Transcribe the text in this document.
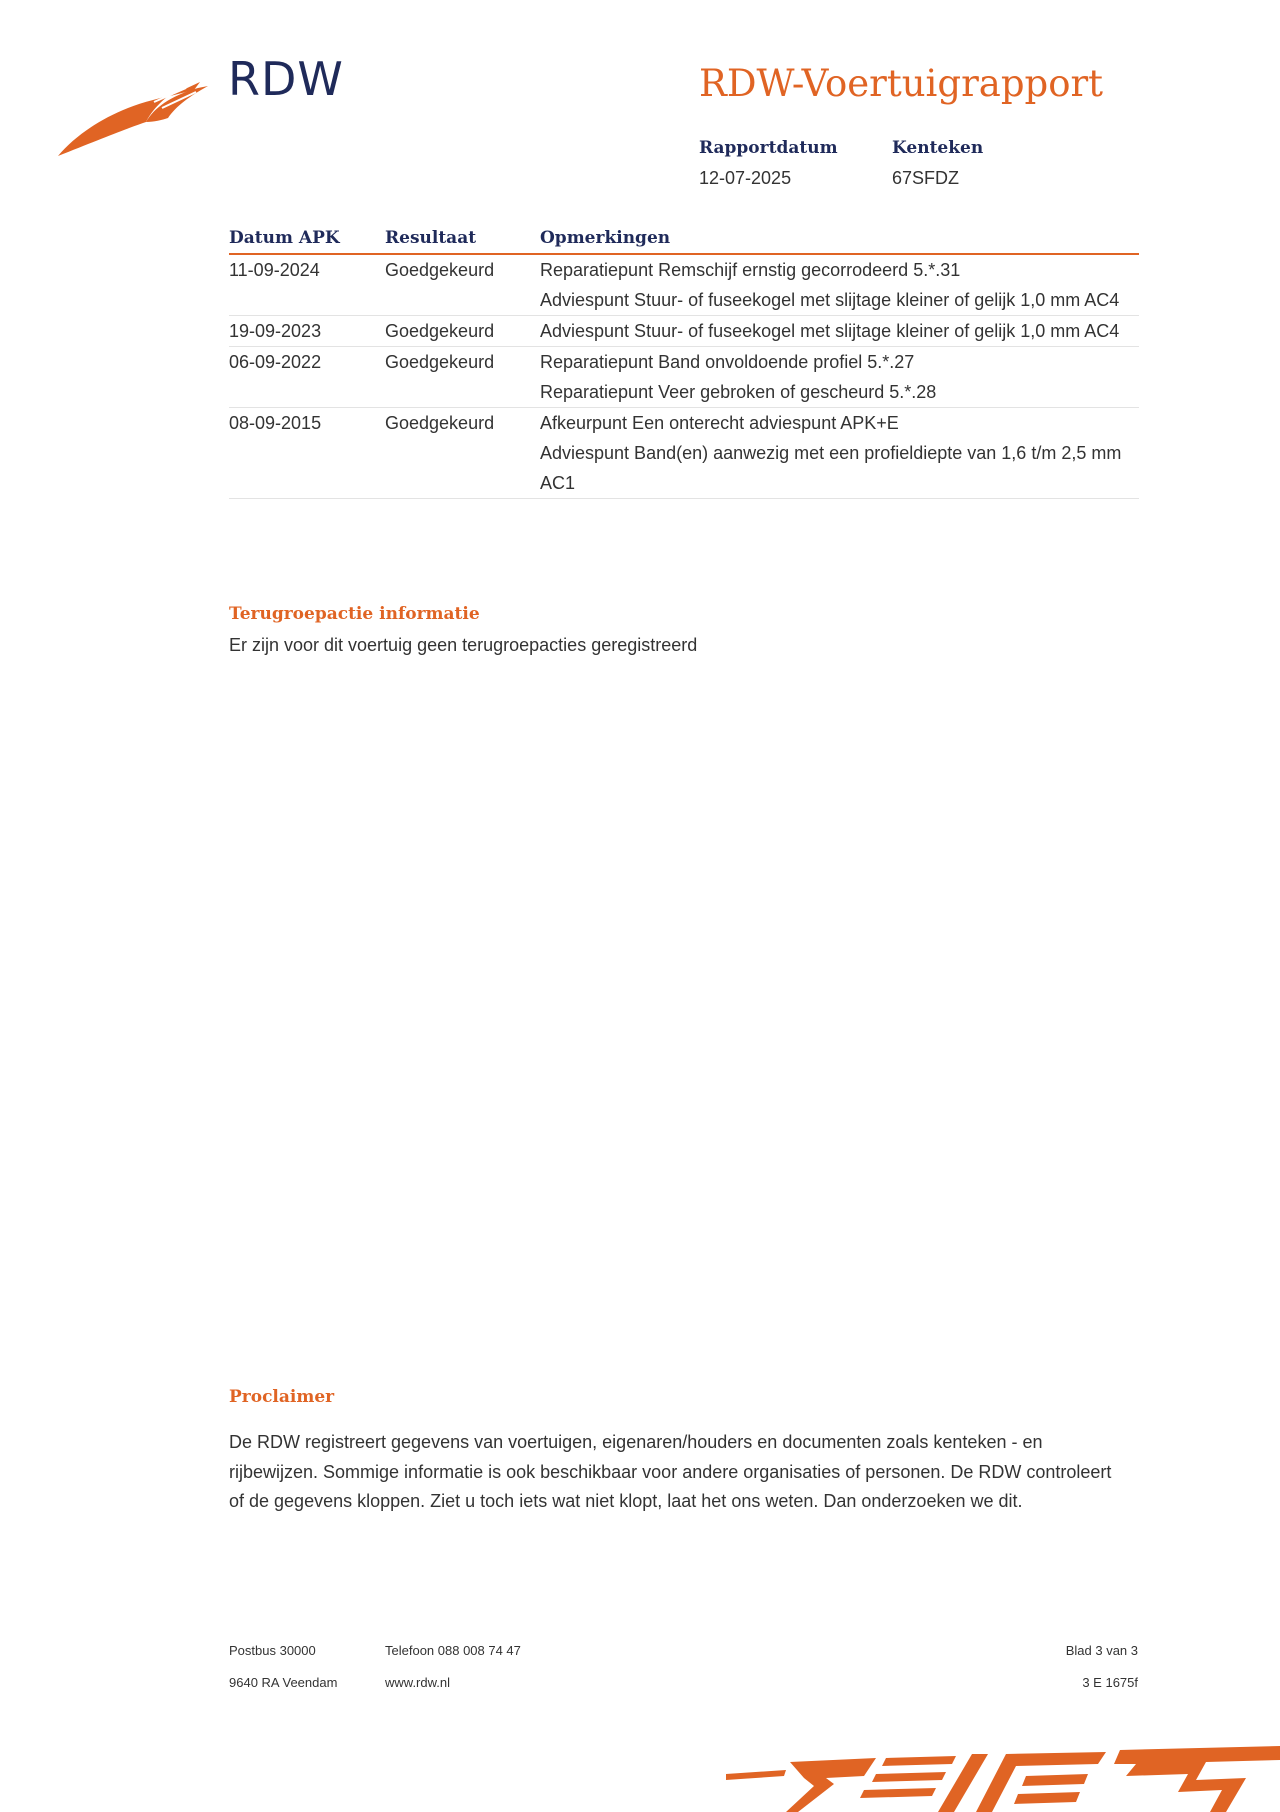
RDW	RDW-Voertuigrapport
Rapportdatum
12-07-2025
Kenteken
67SFDZ
Datum APK	Resultaat	Opmerkingen
11-09-2024	Goedgekeurd	Reparatiepunt Remschijf ernstig gecorrodeerd 5.*.31
Adviespunt Stuur- of fuseekogel met slijtage kleiner of gelijk 1,0 mm AC4

19-09-2023	Goedgekeurd	Adviespunt Stuur- of fuseekogel met slijtage kleiner of gelijk 1,0 mm AC4

06-09-2022	Goedgekeurd	Reparatiepunt Band onvoldoende profiel 5.*.27
Reparatiepunt Veer gebroken of gescheurd 5.*.28

08-09-2015	Goedgekeurd	Afkeurpunt Een onterecht adviespunt APK+E
Adviespunt Band(en) aanwezig met een profieldiepte van 1,6 t/m 2,5 mm AC1
Terugroepactie informatie
Er zijn voor dit voertuig geen terugroepacties geregistreerd
Proclaimer
De RDW registreert gegevens van voertuigen, eigenaren/houders en documenten zoals kenteken - en rijbewijzen. Sommige informatie is ook beschikbaar voor andere organisaties of personen. De RDW controleert of de gegevens kloppen. Ziet u toch iets wat niet klopt, laat het ons weten. Dan onderzoeken we dit.
Postbus 30000
9640 RA Veendam
Telefoon 088 008 74 47
www.rdw.nl
Blad 3 van 3
3 E 1675f
